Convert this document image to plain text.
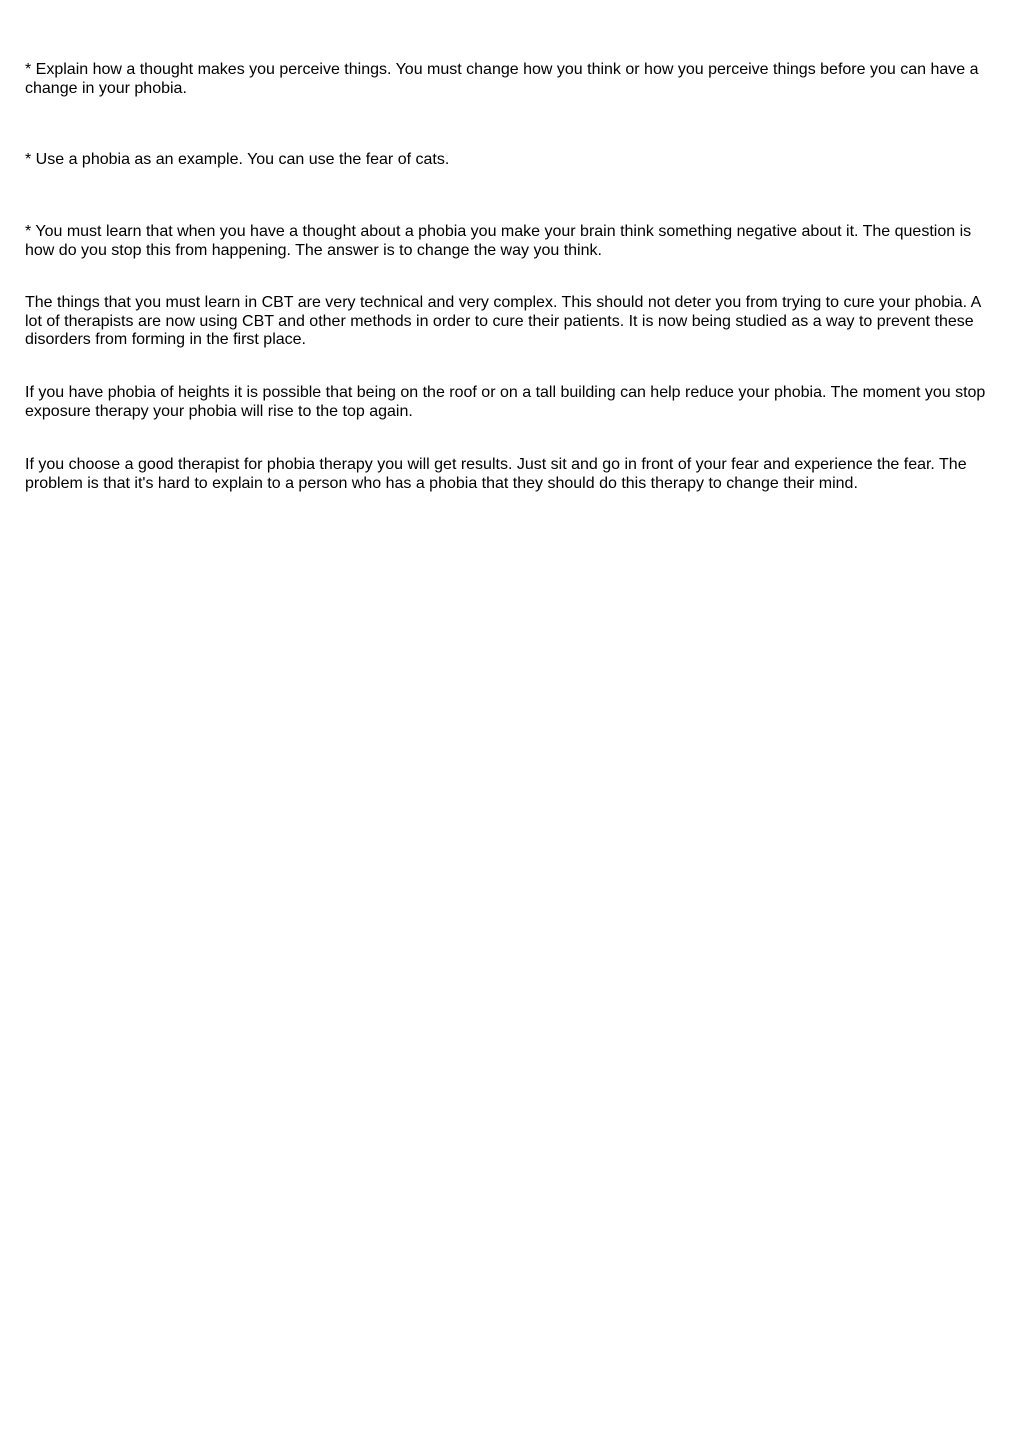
* Explain how a thought makes you perceive things. You must change how you think or how you perceive things before you can have a change in your phobia.

* Use a phobia as an example. You can use the fear of cats.

* You must learn that when you have a thought about a phobia you make your brain think something negative about it. The question is how do you stop this from happening. The answer is to change the way you think.

The things that you must learn in CBT are very technical and very complex. This should not deter you from trying to cure your phobia. A lot of therapists are now using CBT and other methods in order to cure their patients. It is now being studied as a way to prevent these disorders from forming in the first place.

If you have phobia of heights it is possible that being on the roof or on a tall building can help reduce your phobia. The moment you stop exposure therapy your phobia will rise to the top again.

If you choose a good therapist for phobia therapy you will get results. Just sit and go in front of your fear and experience the fear. The problem is that it's hard to explain to a person who has a phobia that they should do this therapy to change their mind.
